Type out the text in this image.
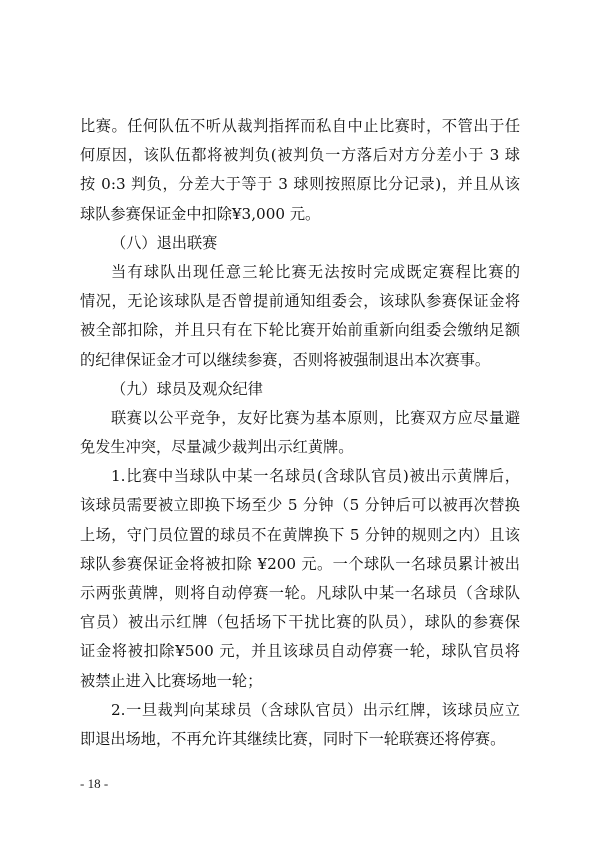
比赛。任何队伍不听从裁判指挥而私自中止比赛时，不管出于任
何原因，该队伍都将被判负(被判负一方落后对方分差小于 3 球
按 0:3 判负，分差大于等于 3 球则按照原比分记录)，并且从该
球队参赛保证金中扣除¥3,000 元。
（八）退出联赛
当有球队出现任意三轮比赛无法按时完成既定赛程比赛的
情况，无论该球队是否曾提前通知组委会，该球队参赛保证金将
被全部扣除，并且只有在下轮比赛开始前重新向组委会缴纳足额
的纪律保证金才可以继续参赛，否则将被强制退出本次赛事。
（九）球员及观众纪律
联赛以公平竞争，友好比赛为基本原则，比赛双方应尽量避
免发生冲突，尽量减少裁判出示红黄牌。
1.比赛中当球队中某一名球员(含球队官员)被出示黄牌后，
该球员需要被立即换下场至少 5 分钟（5 分钟后可以被再次替换
上场，守门员位置的球员不在黄牌换下 5 分钟的规则之内）且该
球队参赛保证金将被扣除 ¥200 元。一个球队一名球员累计被出
示两张黄牌，则将自动停赛一轮。凡球队中某一名球员（含球队
官员）被出示红牌（包括场下干扰比赛的队员），球队的参赛保
证金将被扣除¥500 元，并且该球员自动停赛一轮，球队官员将
被禁止进入比赛场地一轮；
2.一旦裁判向某球员（含球队官员）出示红牌，该球员应立
即退出场地，不再允许其继续比赛，同时下一轮联赛还将停赛。
- 18 -
